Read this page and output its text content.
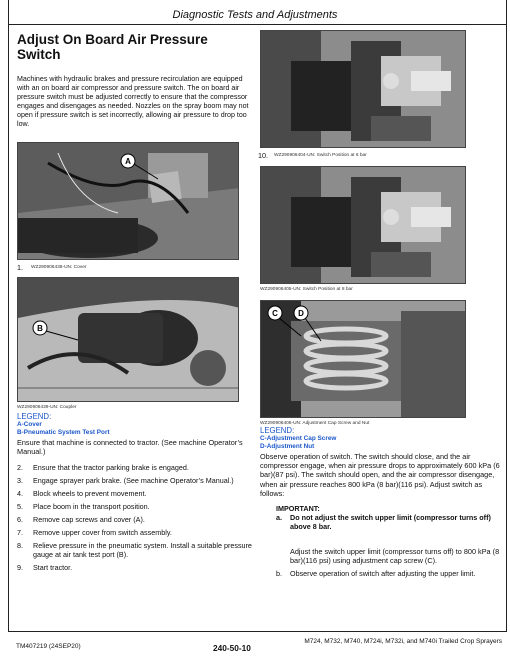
Diagnostic Tests and Adjustments
Adjust On Board Air Pressure Switch
Machines with hydraulic brakes and pressure recirculation are equipped with an on board air compressor and pressure switch. The on board air pressure switch must be adjusted correctly to ensure that the compressor engages and disengages as needed. Nozzles on the spray boom may not open if pressure switch is set incorrectly, allowing air pressure to drop too low.
A
1.	WZ290906438-UN: Cover
B
WZ290906439-UN: Coupler
LEGEND:
A-Cover
B-Pneumatic System Test Port
Ensure that machine is connected to tractor. (See machine Operator’s Manual.)
2.	Ensure that the tractor parking brake is engaged.
3.	Engage sprayer park brake. (See machine Operator’s Manual.)
4.	Block wheels to prevent movement.
5.	Place boom in the transport position.
6.	Remove cap screws and cover (A).
7.	Remove upper cover from switch assembly.
8.	Relieve pressure in the pneumatic system. Install a suitable pressure gauge at air tank test port (B).
9.	Start tractor.
10.	WZ290906404-UN: Switch Position at 6 bar
WZ290906405-UN: Switch Position at 8 bar
C	D
WZ290906406-UN: Adjustment Cap Screw and Nut
LEGEND:
C-Adjustment Cap Screw
D-Adjustment Nut
Observe operation of switch. The switch should close, and the air compressor engage, when air pressure drops to approximately 600 kPa (6 bar)(87 psi). The switch should open, and the air compressor disengage, when air pressure reaches 800 kPa (8 bar)(116 psi). Adjust switch as follows:
IMPORTANT:
a.	Do not adjust the switch upper limit (compressor turns off) above 8 bar.
Adjust the switch upper limit (compressor turns off) to 800 kPa (8 bar)(116 psi) using adjustment cap screw (C).
b.	Observe operation of switch after adjusting the upper limit.
TM407219 (24SEP20)	240-50-10
M724, M732, M740, M724i, M732i, and M740i Trailed Crop Sprayers
